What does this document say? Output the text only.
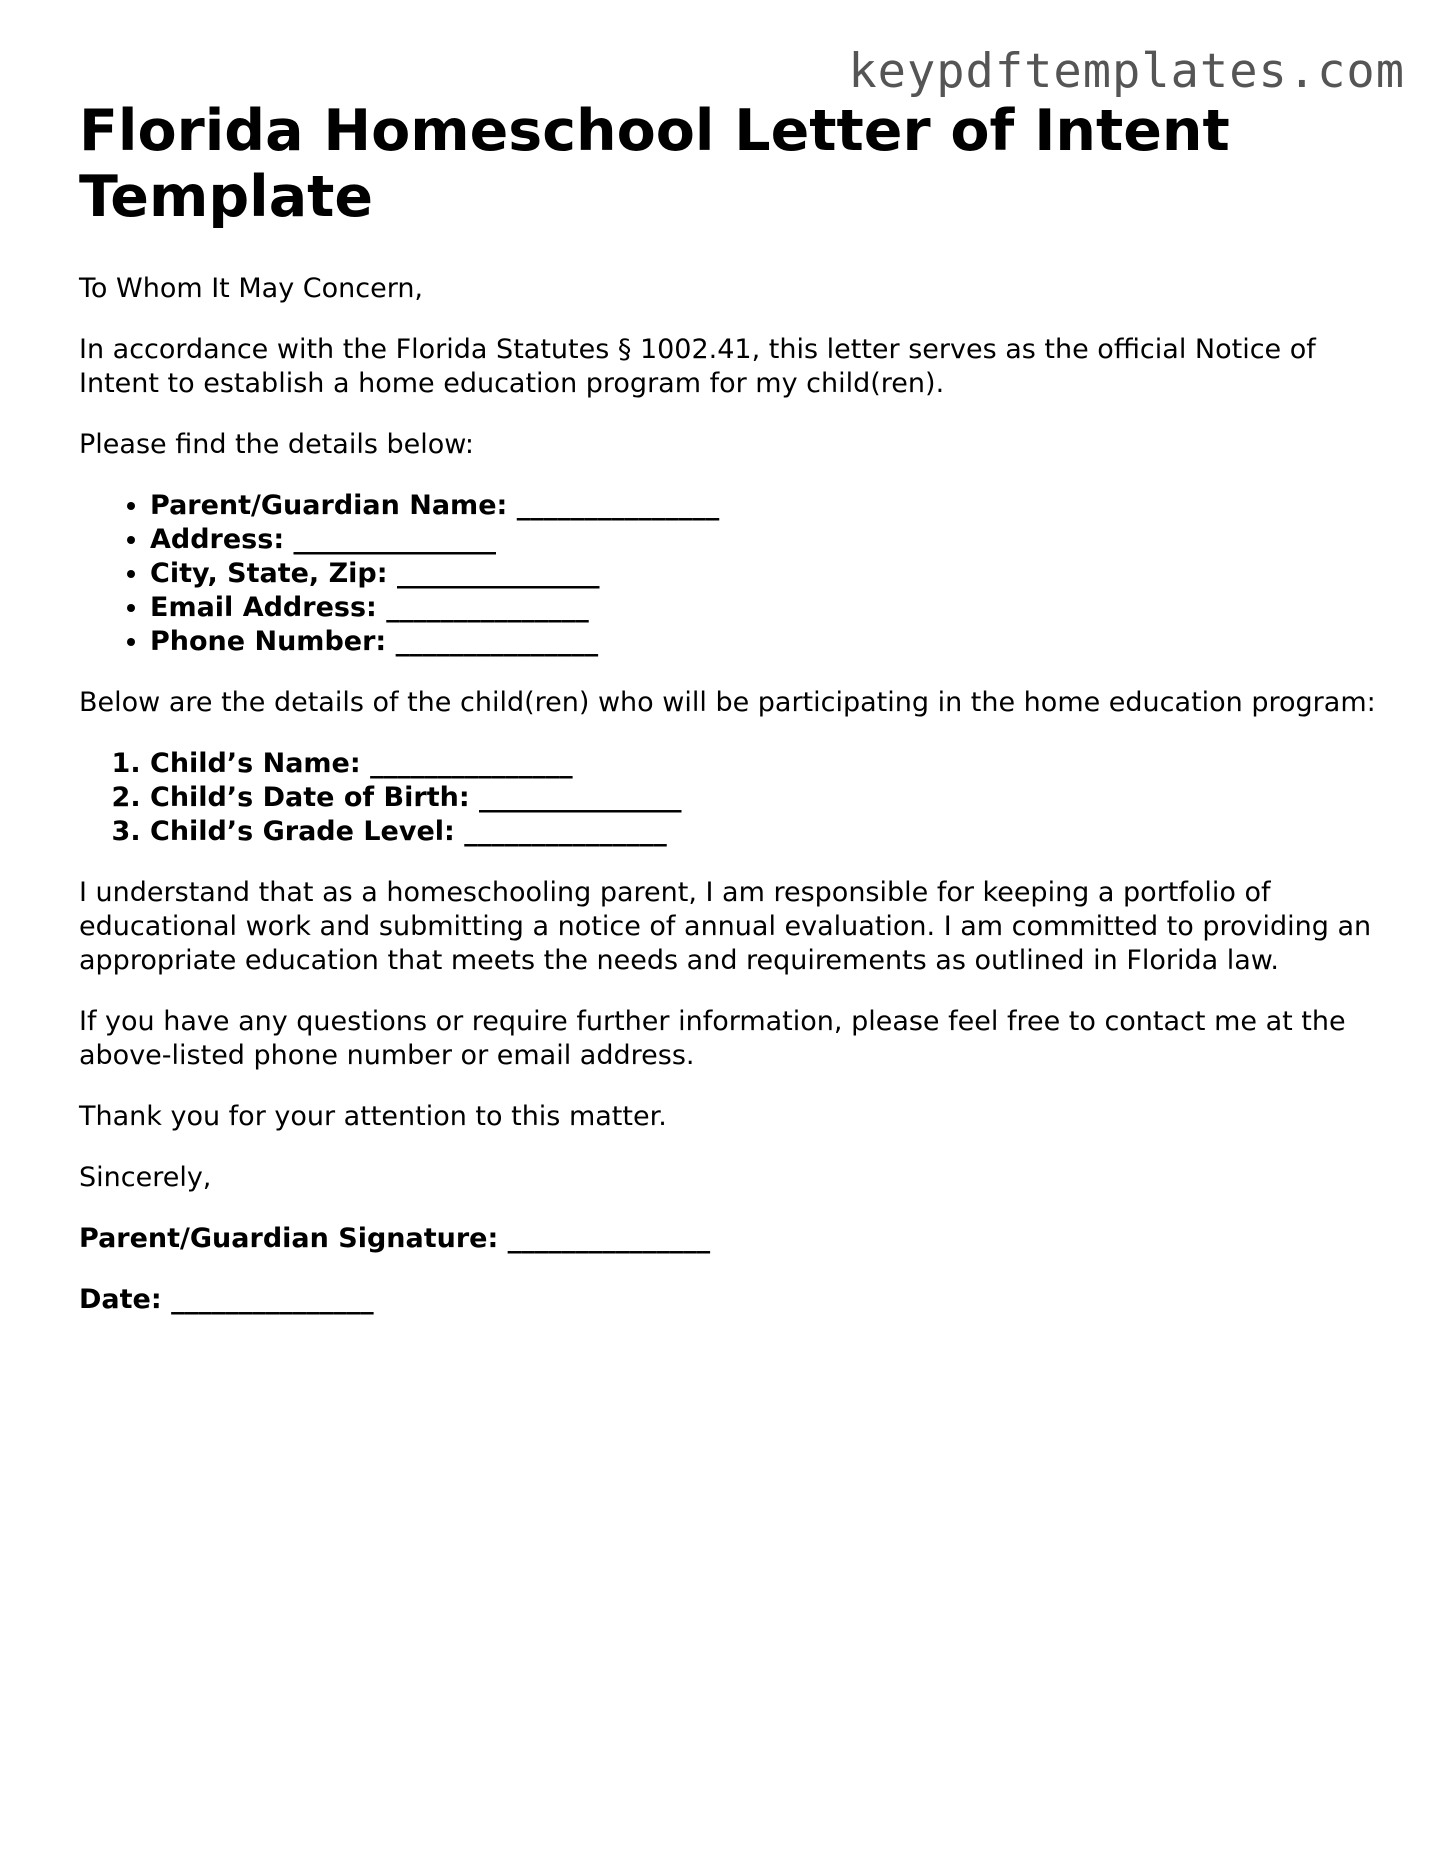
keypdftemplates.com
Florida Homeschool Letter of Intent Template

To Whom It May Concern,

In accordance with the Florida Statutes § 1002.41, this letter serves as the official Notice of Intent to establish a home education program for my child(ren).

Please find the details below:

• Parent/Guardian Name: _______________
• Address: _______________
• City, State, Zip: _______________
• Email Address: _______________
• Phone Number: _______________

Below are the details of the child(ren) who will be participating in the home education program:

1. Child’s Name: _______________
2. Child’s Date of Birth: _______________
3. Child’s Grade Level: _______________

I understand that as a homeschooling parent, I am responsible for keeping a portfolio of educational work and submitting a notice of annual evaluation. I am committed to providing an appropriate education that meets the needs and requirements as outlined in Florida law.

If you have any questions or require further information, please feel free to contact me at the above-listed phone number or email address.

Thank you for your attention to this matter.

Sincerely,

Parent/Guardian Signature: _______________

Date: _______________
